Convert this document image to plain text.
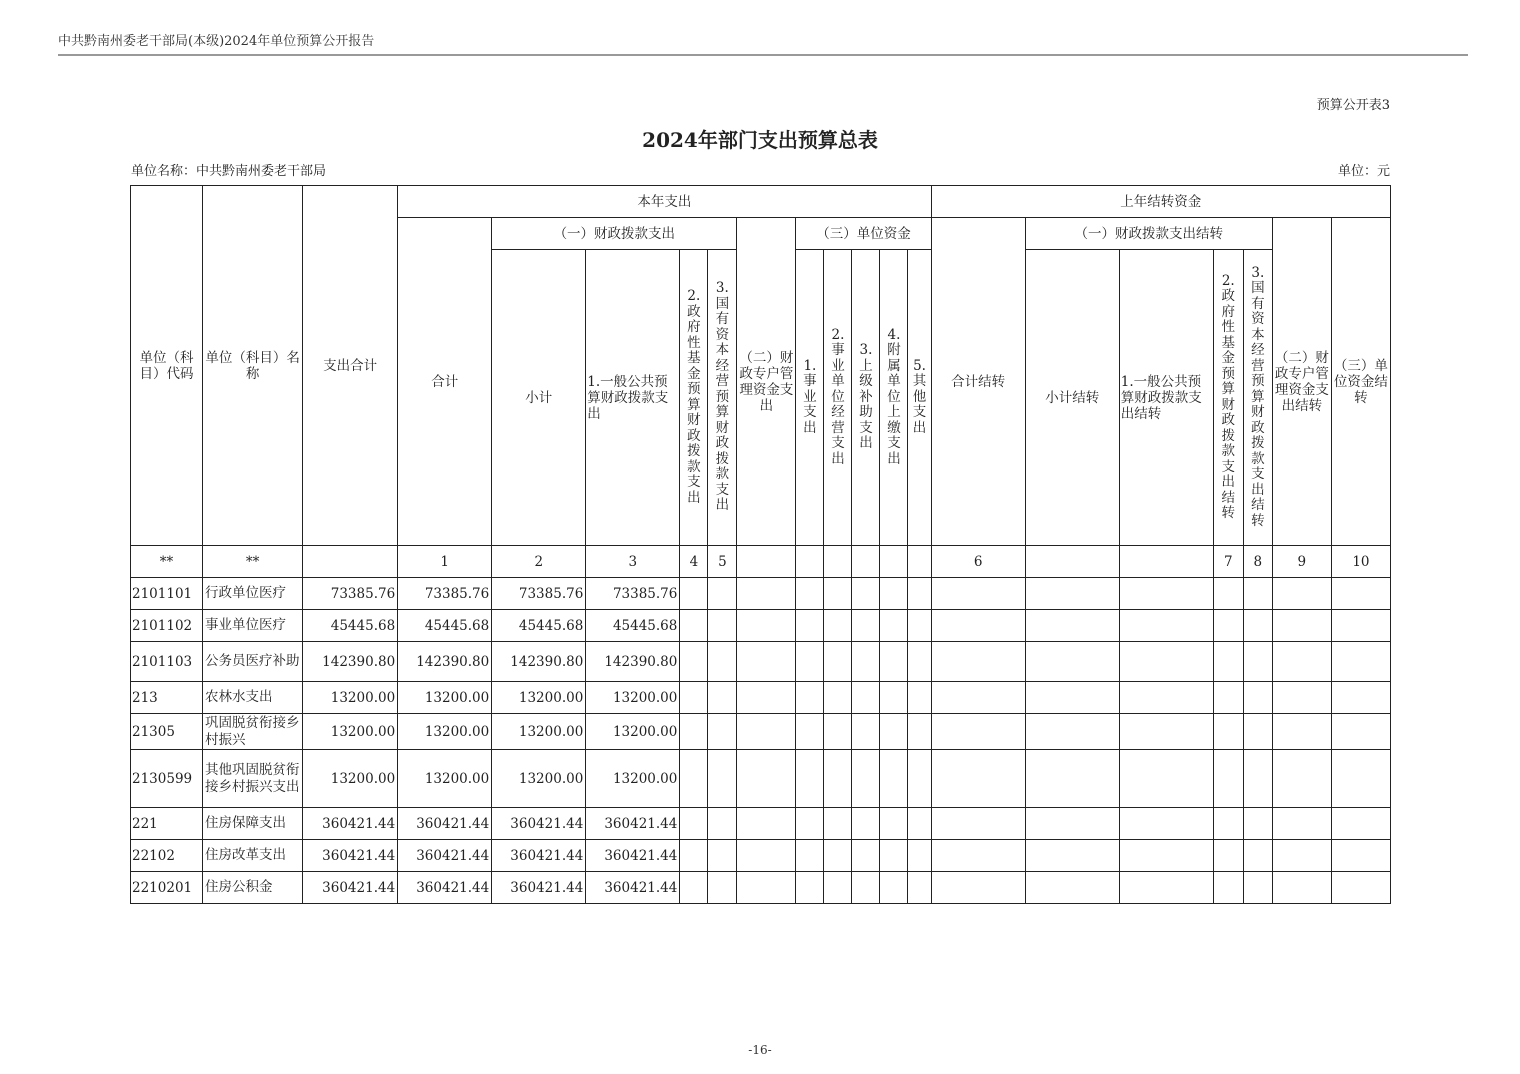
中共黔南州委老干部局(本级)2024年单位预算公开报告
预算公开表3
2024年部门支出预算总表
单位名称：中共黔南州委老干部局	单位：元
单位（科目）代码	单位（科目）名称	支出合计	本年支出											上年结转资金						
			合计	（一）财政拨款支出				（二）财政专户管理资金支出	（三）单位资金					合计结转	（一）财政拨款支出结转				（二）财政专户管理资金支出结转	（三）单位资金结转
				小计	1.一般公共预算财政拨款支出	2.政府性基金预算财政拨款支出	3.国有资本经营预算财政拨款支出		1.事业支出	2.事业单位经营支出	3.上级补助支出	4.附属单位上缴支出	5.其他支出		小计结转	1.一般公共预算财政拨款支出结转	2.政府性基金预算财政拨款支出结转	3.国有资本经营预算财政拨款支出结转		

**	**		1	2	3	4	5							6			7	8	9	10
2101101	行政单位医疗	73385.76	73385.76	73385.76	73385.76															
2101102	事业单位医疗	45445.68	45445.68	45445.68	45445.68															
2101103	公务员医疗补助	142390.80	142390.80	142390.80	142390.80															
213	农林水支出	13200.00	13200.00	13200.00	13200.00															
21305	巩固脱贫衔接乡村振兴	13200.00	13200.00	13200.00	13200.00															
2130599	其他巩固脱贫衔接乡村振兴支出	13200.00	13200.00	13200.00	13200.00															
221	住房保障支出	360421.44	360421.44	360421.44	360421.44															
22102	住房改革支出	360421.44	360421.44	360421.44	360421.44															
2210201	住房公积金	360421.44	360421.44	360421.44	360421.44															
-16-
